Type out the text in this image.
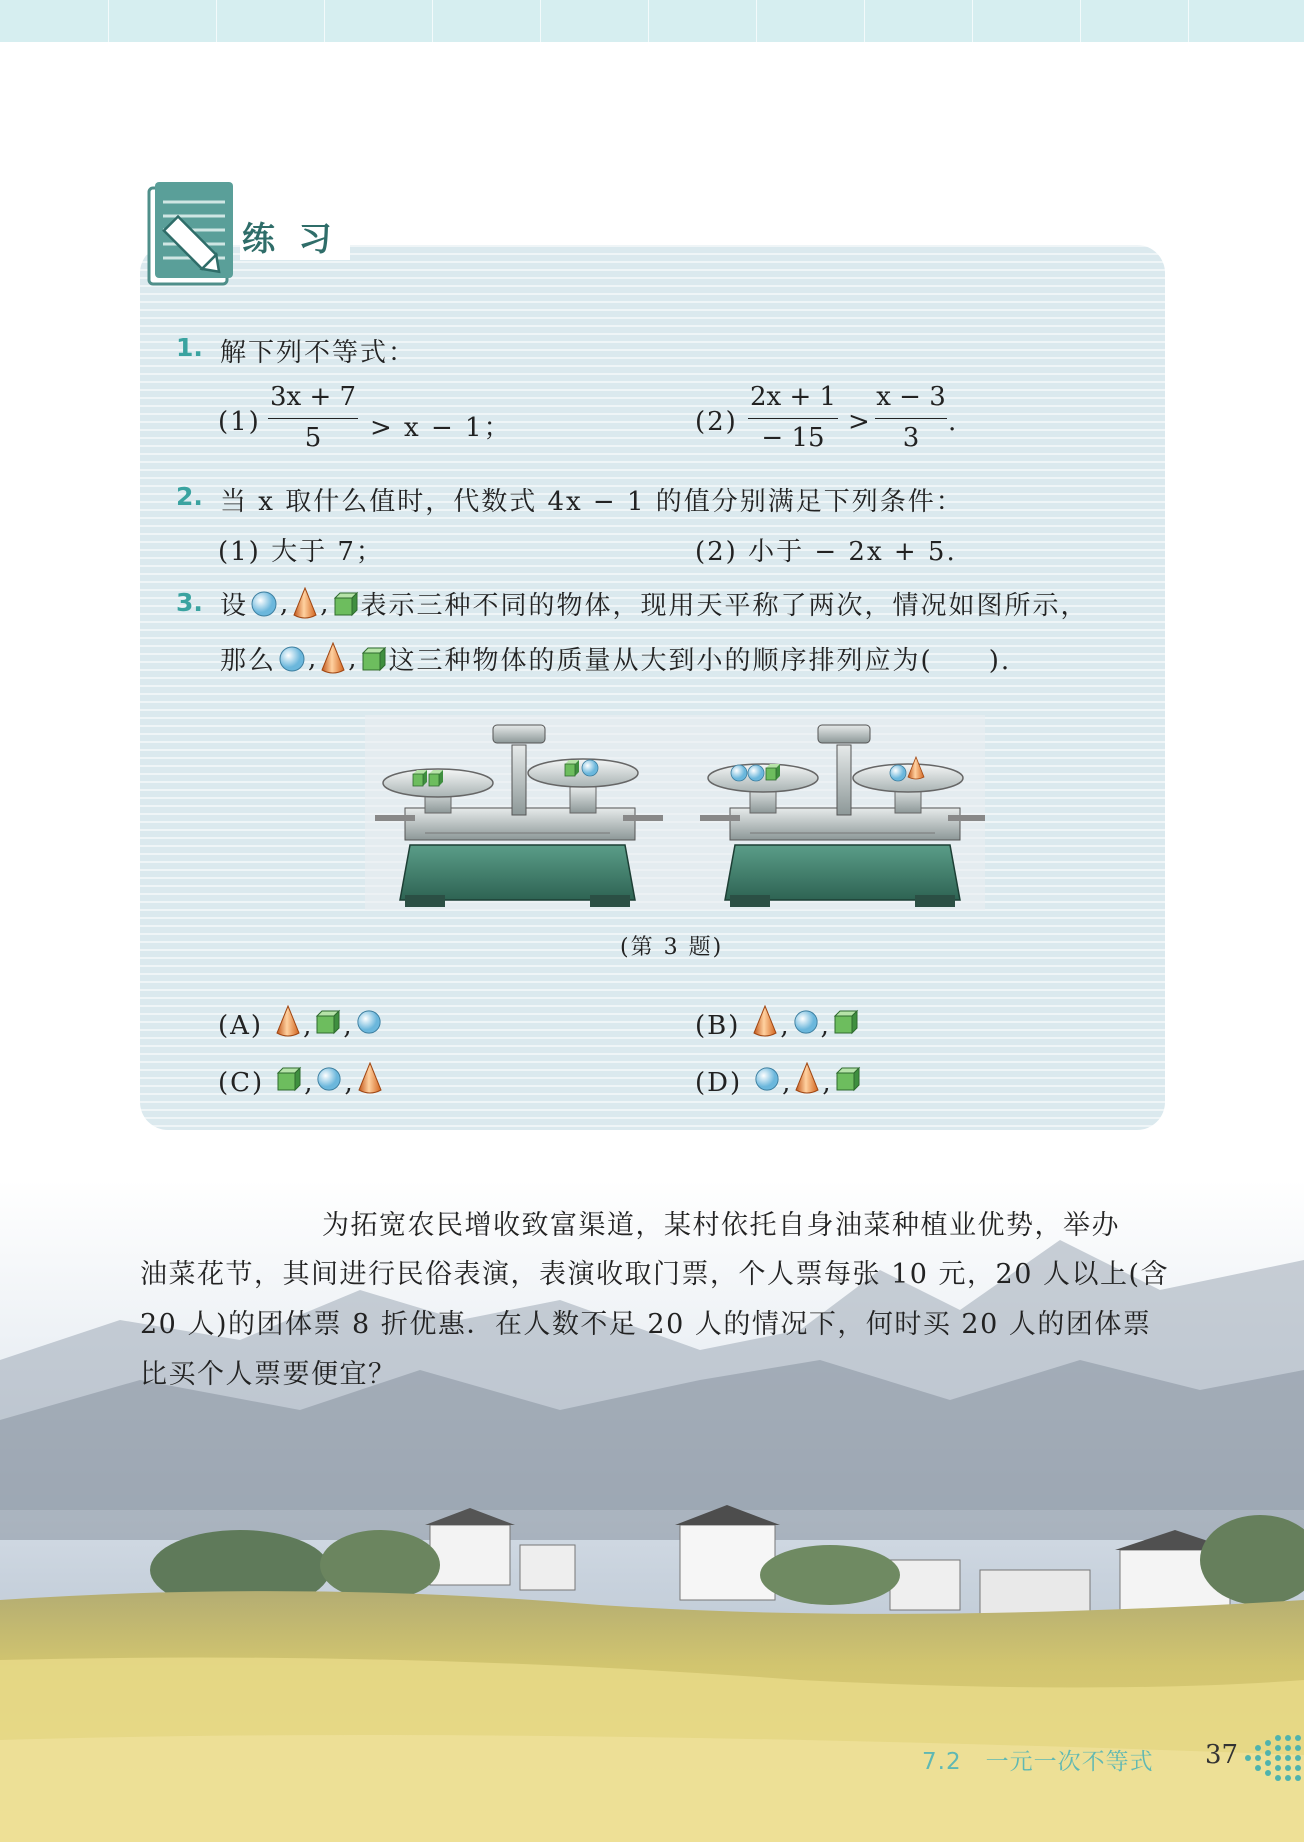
练 习
1. 解下列不等式：
(1)
3x + 7
5	> x − 1；	(2)
2x + 1
− 15
>
x − 3
3
.
2. 当 x 取什么值时，代数式 4x − 1 的值分别满足下列条件：
(1) 大于 7；	(2) 小于 − 2x + 5.
3. 设 , , 表示三种不同的物体，现用天平称了两次，情况如图所示，
那么 , , 这三种物体的质量从大到小的顺序排列应为(　　).
(第 3 题)
(A) , ,	(B) , ,
(C) , ,	(D) , ,
为拓宽农民增收致富渠道，某村依托自身油菜种植业优势，举办
油菜花节，其间进行民俗表演，表演收取门票，个人票每张 10 元，20 人以上(含
20 人)的团体票 8 折优惠．在人数不足 20 人的情况下，何时买 20 人的团体票
比买个人票要便宜？
7.2　一元一次不等式 37
